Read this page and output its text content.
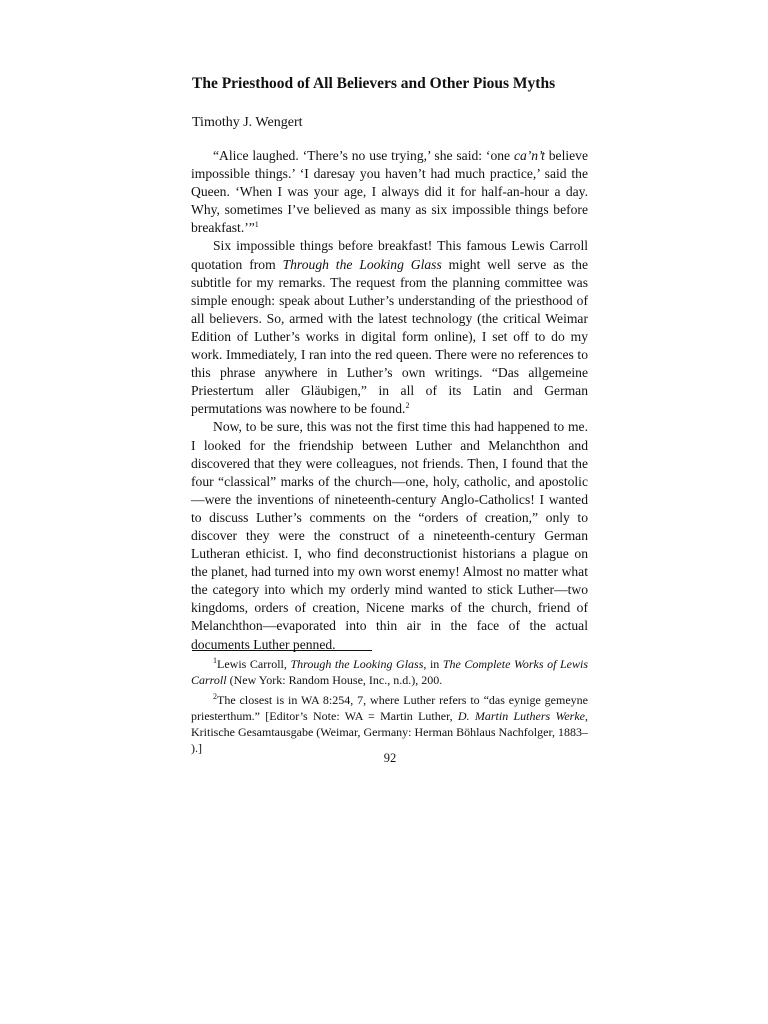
The Priesthood of All Believers and Other Pious Myths
Timothy J. Wengert

“Alice laughed. ‘There’s no use trying,’ she said: ‘one ca’n’t believe impossible things.’ ‘I daresay you haven’t had much practice,’ said the Queen. ‘When I was your age, I always did it for half-an-hour a day. Why, sometimes I’ve believed as many as six impossible things before breakfast.’”$^1$

Six impossible things before breakfast! This famous Lewis Carroll quotation from Through the Looking Glass might well serve as the subtitle for my remarks. The request from the planning committee was simple enough: speak about Luther’s understanding of the priesthood of all believers. So, armed with the latest technology (the critical Weimar Edition of Luther’s works in digital form online), I set off to do my work. Immediately, I ran into the red queen. There were no references to this phrase anywhere in Luther’s own writings. “Das allgemeine Priestertum aller Gläubigen,” in all of its Latin and German permutations was nowhere to be found.$^2$

Now, to be sure, this was not the first time this had happened to me. I looked for the friendship between Luther and Melanchthon and discovered that they were colleagues, not friends. Then, I found that the four “classical” marks of the church—one, holy, catholic, and apostolic—were the inventions of nineteenth-century Anglo-Catholics! I wanted to discuss Luther’s comments on the “orders of creation,” only to discover they were the construct of a nineteenth-century German Lutheran ethicist. I, who find deconstructionist historians a plague on the planet, had turned into my own worst enemy! Almost no matter what the category into which my orderly mind wanted to stick Luther—two kingdoms, orders of creation, Nicene marks of the church, friend of Melanchthon—evaporated into thin air in the face of the actual documents Luther penned.

$^1$Lewis Carroll, Through the Looking Glass, in The Complete Works of Lewis Carroll (New York: Random House, Inc., n.d.), 200.

$^2$The closest is in WA 8:254, 7, where Luther refers to “das eynige gemeyne priesterthum.” [Editor’s Note: WA = Martin Luther, D. Martin Luthers Werke, Kritische Gesamtausgabe (Weimar, Germany: Herman Böhlaus Nachfolger, 1883– ).]

92
